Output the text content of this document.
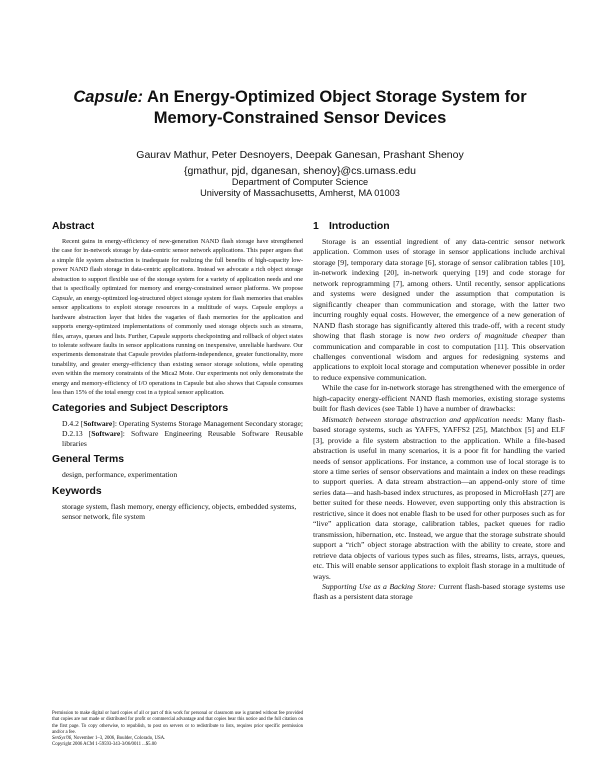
Capsule: An Energy-Optimized Object Storage System for
Memory-Constrained Sensor Devices
Gaurav Mathur, Peter Desnoyers, Deepak Ganesan, Prashant Shenoy
{gmathur, pjd, dganesan, shenoy}@cs.umass.edu
Department of Computer Science
University of Massachusetts, Amherst, MA 01003
Abstract

Recent gains in energy-efficiency of new-generation NAND flash storage have strengthened the case for in-network storage by data-centric sensor network applications. This paper argues that a simple file system abstraction is inadequate for realizing the full benefits of high-capacity low-power NAND flash storage in data-centric applications. Instead we advocate a rich object storage abstraction to support flexible use of the storage system for a variety of application needs and one that is specifically optimized for memory and energy-constrained sensor platforms. We propose Capsule, an energy-optimized log-structured object storage system for flash memories that enables sensor applications to exploit storage resources in a multitude of ways. Capsule employs a hardware abstraction layer that hides the vagaries of flash memories for the application and supports energy-optimized implementations of commonly used storage objects such as streams, files, arrays, queues and lists. Further, Capsule supports checkpointing and rollback of object states to tolerate software faults in sensor applications running on inexpensive, unreliable hardware. Our experiments demonstrate that Capsule provides platform-independence, greater functionality, more tunability, and greater energy-efficiency than existing sensor storage solutions, while operating even within the memory constraints of the Mica2 Mote. Our experiments not only demonstrate the energy and memory-efficiency of I/O operations in Capsule but also shows that Capsule consumes less than 15% of the total energy cost in a typical sensor application.

Categories and Subject Descriptors

D.4.2 [Software]: Operating Systems Storage Management Secondary storage; D.2.13 [Software]: Software Engineering Reusable Software Reusable libraries

General Terms

design, performance, experimentation

Keywords

storage system, flash memory, energy efficiency, objects, embedded systems, sensor network, file system

Permission to make digital or hard copies of all or part of this work for personal or classroom use is granted without fee provided that copies are not made or distributed for profit or commercial advantage and that copies bear this notice and the full citation on the first page. To copy otherwise, to republish, to post on servers or to redistribute to lists, requires prior specific permission and/or a fee.
SenSys'06, November 1–3, 2006, Boulder, Colorado, USA.
Copyright 2006 ACM 1-59593-343-3/06/0011 ...$5.00
1 Introduction

Storage is an essential ingredient of any data-centric sensor network application. Common uses of storage in sensor applications include archival storage [9], temporary data storage [6], storage of sensor calibration tables [10], in-network indexing [20], in-network querying [19] and code storage for network reprogramming [7], among others. Until recently, sensor applications and systems were designed under the assumption that computation is significantly cheaper than communication and storage, with the latter two incurring roughly equal costs. However, the emergence of a new generation of NAND flash storage has significantly altered this trade-off, with a recent study showing that flash storage is now two orders of magnitude cheaper than communication and comparable in cost to computation [11]. This observation challenges conventional wisdom and argues for redesigning systems and applications to exploit local storage and computation whenever possible in order to reduce expensive communication.

While the case for in-network storage has strengthened with the emergence of high-capacity energy-efficient NAND flash memories, existing storage systems built for flash devices (see Table 1) have a number of drawbacks:

Mismatch between storage abstraction and application needs: Many flash-based storage systems, such as YAFFS, YAFFS2 [25], Matchbox [5] and ELF [3], provide a file system abstraction to the application. While a file-based abstraction is useful in many scenarios, it is a poor fit for handling the varied needs of sensor applications. For instance, a common use of local storage is to store a time series of sensor observations and maintain a index on these readings to support queries. A data stream abstraction—an append-only store of time series data—and hash-based index structures, as proposed in MicroHash [27] are better suited for these needs. However, even supporting only this abstraction is restrictive, since it does not enable flash to be used for other purposes such as for “live” application data storage, calibration tables, packet queues for radio transmission, hibernation, etc. Instead, we argue that the storage substrate should support a “rich” object storage abstraction with the ability to create, store and retrieve data objects of various types such as files, streams, lists, arrays, queues, etc. This will enable sensor applications to exploit flash storage in a multitude of ways.

Supporting Use as a Backing Store: Current flash-based storage systems use flash as a persistent data storage
